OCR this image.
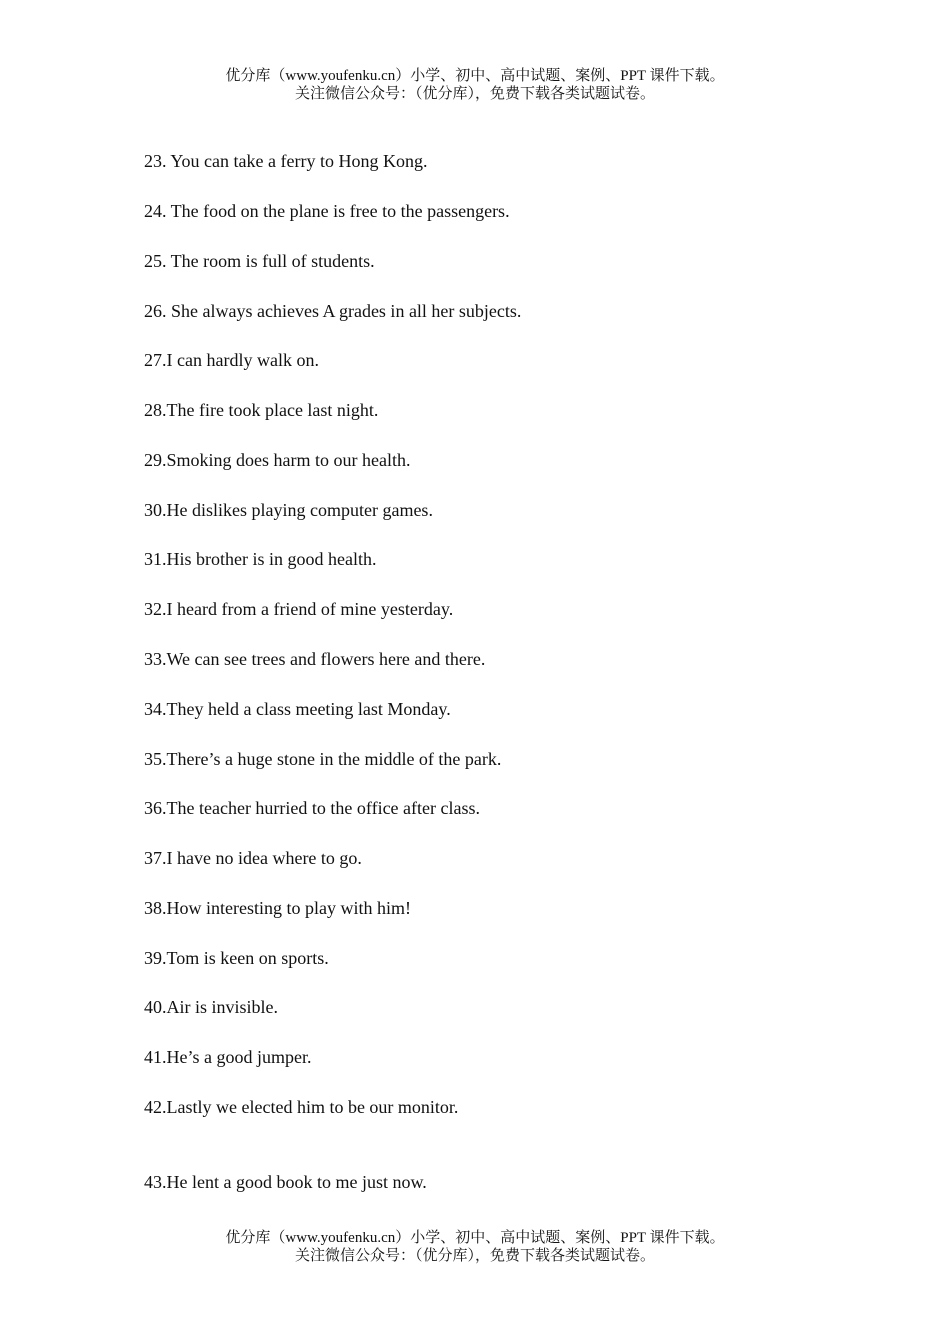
优分库（www.youfenku.cn）小学、初中、高中试题、案例、PPT 课件下载。
关注微信公众号：（优分库），免费下载各类试题试卷。
23. You can take a ferry to Hong Kong.
24. The food on the plane is free to the passengers.
25. The room is full of students.
26. She always achieves A grades in all her subjects.
27.I can hardly walk on.
28.The fire took place last night.
29.Smoking does harm to our health.
30.He dislikes playing computer games.
31.His brother is in good health.
32.I heard from a friend of mine yesterday.
33.We can see trees and flowers here and there.
34.They held a class meeting last Monday.
35.There’s a huge stone in the middle of the park.
36.The teacher hurried to the office after class.
37.I have no idea where to go.
38.How interesting to play with him!
39.Tom is keen on sports.
40.Air is invisible.
41.He’s a good jumper.
42.Lastly we elected him to be our monitor.
43.He lent a good book to me just now.
优分库（www.youfenku.cn）小学、初中、高中试题、案例、PPT 课件下载。
关注微信公众号：（优分库），免费下载各类试题试卷。
